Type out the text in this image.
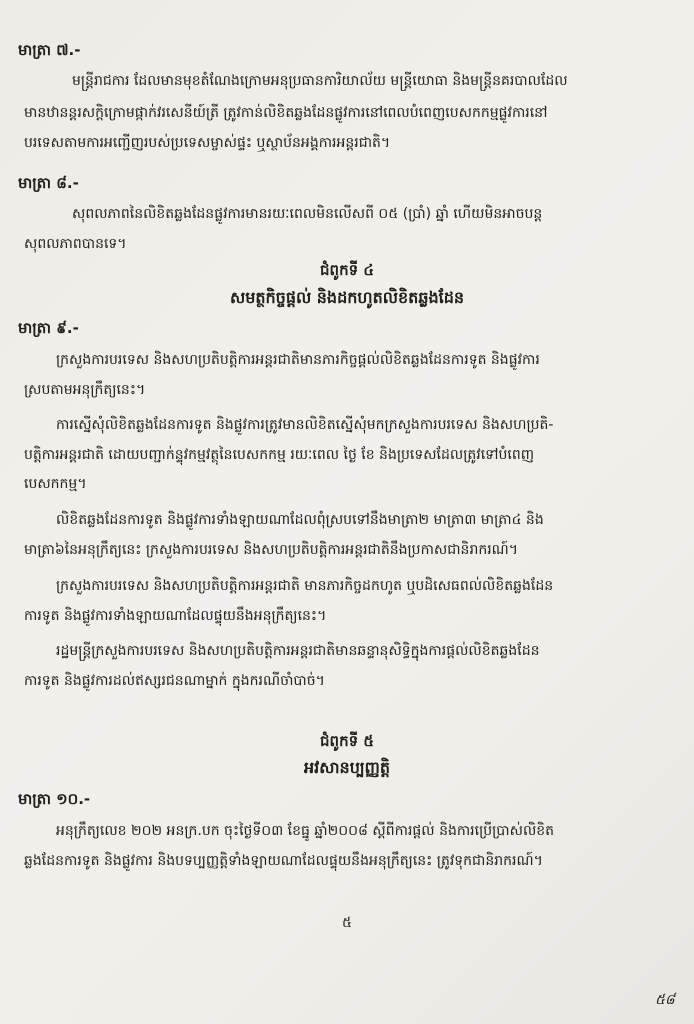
មាត្រា ៧.-
មន្ត្រីរាជការ ដែលមានមុខតំណែងក្រោមអនុប្រធានការិយាល័យ មន្ត្រីយោធា និងមន្ត្រីនគរបាលដែល
មានឋានន្តរសក្តិក្រោមផ្កាក់វរសេនីយ៍ត្រី ត្រូវកាន់លិខិតឆ្លងដែនផ្លូវការនៅពេលបំពេញបេសកកម្មផ្លូវការនៅ
បរទេសតាមការអញ្ជើញរបស់ប្រទេសម្ចាស់ផ្ទះ ឬស្ថាប័នអង្គការអន្តរជាតិ។
មាត្រា ៨.-
សុពលភាពនៃលិខិតឆ្លងដែនផ្លូវការមានរយៈពេលមិនលើសពី ០៥ (ប្រាំ) ឆ្នាំ ហើយមិនអាចបន្ត
សុពលភាពបានទេ។
ជំពូកទី ៤
សមត្ថកិច្ចផ្តល់ និងដកហូតលិខិតឆ្លងដែន
មាត្រា ៩.-
ក្រសួងការបរទេស និងសហប្រតិបត្តិការអន្តរជាតិមានភារកិច្ចផ្តល់លិខិតឆ្លងដែនការទូត និងផ្លូវការ
ស្របតាមអនុក្រឹត្យនេះ។
ការស្នើសុំលិខិតឆ្លងដែនការទូត និងផ្លូវការត្រូវមានលិខិតស្នើសុំមកក្រសួងការបរទេស និងសហប្រតិ-
បត្តិការអន្តរជាតិ ដោយបញ្ជាក់ន្ទុវកម្មវត្ថុនៃបេសកកម្ម រយៈពេល ថ្ងៃ ខែ និងប្រទេសដែលត្រូវទៅបំពេញ
បេសកកម្ម។
លិខិតឆ្លងដែនការទូត និងផ្លូវការទាំងឡាយណាដែលពុំស្របទៅនឹងមាត្រា២ មាត្រា៣ មាត្រា៤ និង
មាត្រា៦នៃអនុក្រឹត្យនេះ ក្រសួងការបរទេស និងសហប្រតិបត្តិការអន្តរជាតិនឹងប្រកាសជានិរាករណ៍។
ក្រសួងការបរទេស និងសហប្រតិបត្តិការអន្តរជាតិ មានភារកិច្ចដកហូត ឬបដិសេធពល់លិខិតឆ្លងដែន
ការទូត និងផ្លូវការទាំងឡាយណាដែលផ្ទុយនឹងអនុក្រឹត្យនេះ។
រដ្ឋមន្ត្រីក្រសួងការបរទេស និងសហប្រតិបត្តិការអន្តរជាតិមានឆន្ទានុសិទ្ធិក្នុងការផ្តល់លិខិតឆ្លងដែន
ការទូត និងផ្លូវការដល់ឥស្សរជនណាម្នាក់ ក្នុងករណីចាំបាច់។
ជំពូកទី ៥
អវសានប្បញ្ញត្តិ
មាត្រា ១០.-
អនុក្រឹត្យលេខ ២០២ អនក្រ.បក ចុះថ្ងៃទី០៣ ខែធ្នូ ឆ្នាំ២០០៨ ស្តីពីការផ្តល់ និងការប្រើប្រាស់លិខិត
ឆ្លងដែនការទូត និងផ្លូវការ និងបទប្បញ្ញត្តិទាំងឡាយណាដែលផ្ទុយនឹងអនុក្រឹត្យនេះ ត្រូវទុកជានិរាករណ៍។
៥
៥៨
